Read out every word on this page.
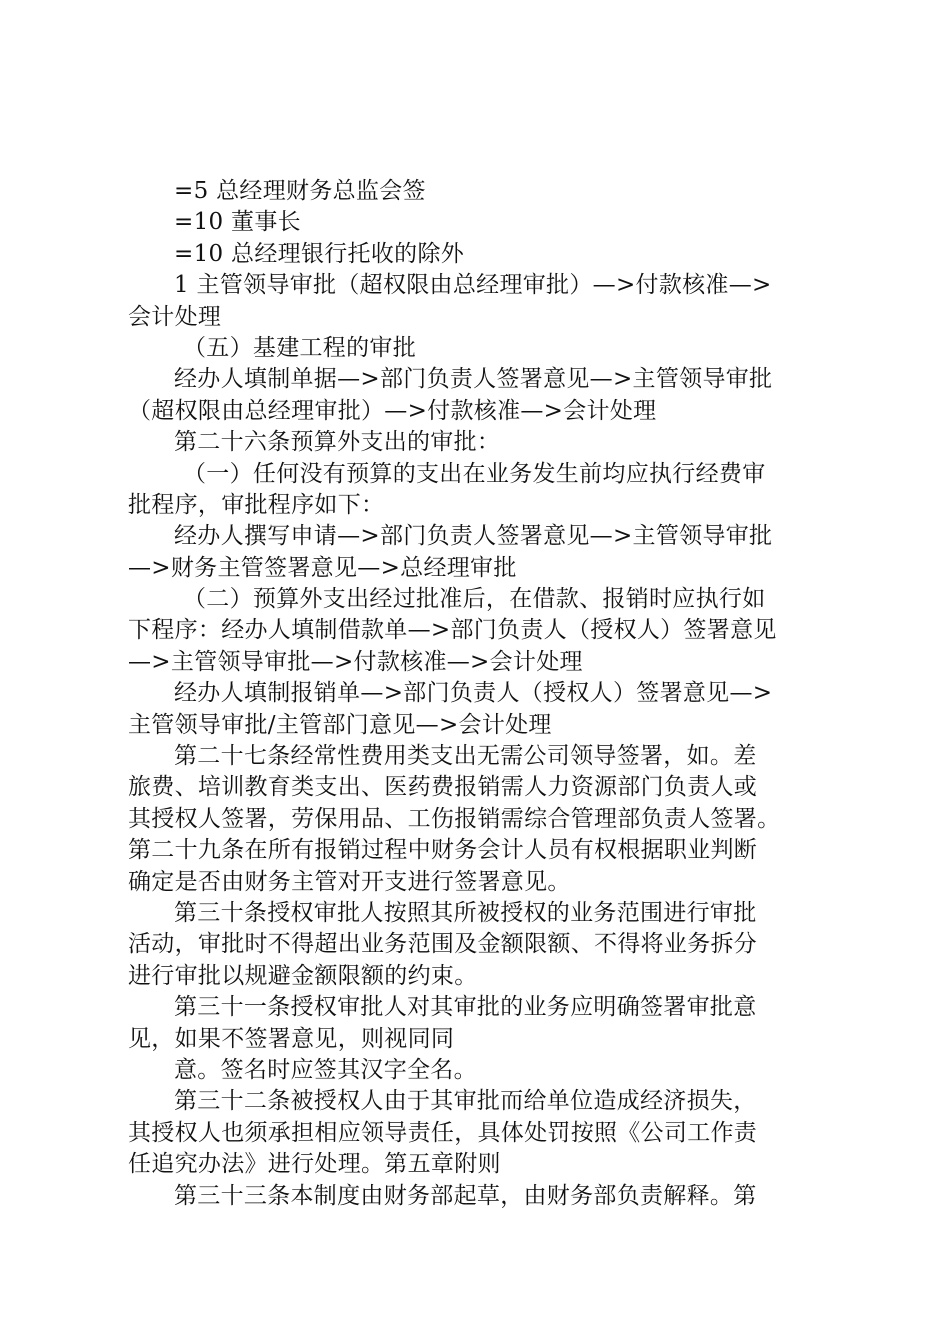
=5 总经理财务总监会签
=10 董事长
=10 总经理银行托收的除外
1 主管领导审批（超权限由总经理审批）—>付款核准—>
会计处理
（五）基建工程的审批
经办人填制单据—>部门负责人签署意见—>主管领导审批
（超权限由总经理审批）—>付款核准—>会计处理
第二十六条预算外支出的审批：
（一）任何没有预算的支出在业务发生前均应执行经费审
批程序，审批程序如下：
经办人撰写申请—>部门负责人签署意见—>主管领导审批
—>财务主管签署意见—>总经理审批
（二）预算外支出经过批准后，在借款、报销时应执行如
下程序：经办人填制借款单—>部门负责人（授权人）签署意见
—>主管领导审批—>付款核准—>会计处理
经办人填制报销单—>部门负责人（授权人）签署意见—>
主管领导审批/主管部门意见—>会计处理
第二十七条经常性费用类支出无需公司领导签署，如。差
旅费、培训教育类支出、医药费报销需人力资源部门负责人或
其授权人签署，劳保用品、工伤报销需综合管理部负责人签署。
第二十九条在所有报销过程中财务会计人员有权根据职业判断
确定是否由财务主管对开支进行签署意见。
第三十条授权审批人按照其所被授权的业务范围进行审批
活动，审批时不得超出业务范围及金额限额、不得将业务拆分
进行审批以规避金额限额的约束。
第三十一条授权审批人对其审批的业务应明确签署审批意
见，如果不签署意见，则视同同
意。签名时应签其汉字全名。
第三十二条被授权人由于其审批而给单位造成经济损失，
其授权人也须承担相应领导责任，具体处罚按照《公司工作责
任追究办法》进行处理。第五章附则
第三十三条本制度由财务部起草，由财务部负责解释。第
